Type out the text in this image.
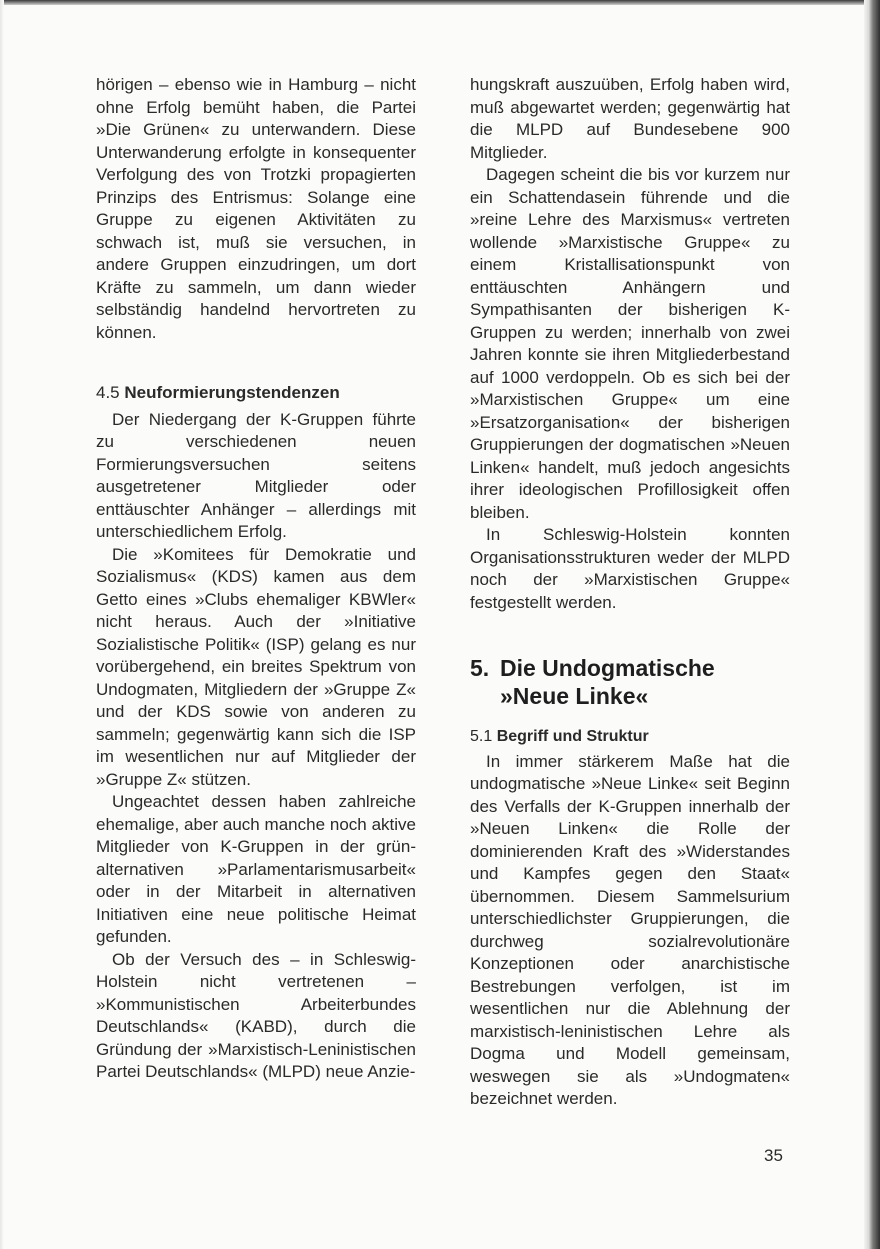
hörigen – ebenso wie in Hamburg – nicht ohne Erfolg bemüht haben, die Partei »Die Grünen« zu unterwandern. Diese Unterwanderung erfolgte in konsequenter Verfolgung des von Trotzki propagierten Prinzips des Entrismus: Solange eine Gruppe zu eigenen Aktivitäten zu schwach ist, muß sie versuchen, in andere Gruppen einzudringen, um dort Kräfte zu sammeln, um dann wieder selbständig handelnd hervortreten zu können.

4.5 Neuformierungstendenzen

Der Niedergang der K-Gruppen führte zu verschiedenen neuen Formierungsversuchen seitens ausgetretener Mitglieder oder enttäuschter Anhänger – allerdings mit unterschiedlichem Erfolg.

Die »Komitees für Demokratie und Sozialismus« (KDS) kamen aus dem Getto eines »Clubs ehemaliger KBWler« nicht heraus. Auch der »Initiative Sozialistische Politik« (ISP) gelang es nur vorübergehend, ein breites Spektrum von Undogmaten, Mitgliedern der »Gruppe Z« und der KDS sowie von anderen zu sammeln; gegenwärtig kann sich die ISP im wesentlichen nur auf Mitglieder der »Gruppe Z« stützen.

Ungeachtet dessen haben zahlreiche ehemalige, aber auch manche noch aktive Mitglieder von K-Gruppen in der grün-alternativen »Parlamentarismusarbeit« oder in der Mitarbeit in alternativen Initiativen eine neue politische Heimat gefunden.

Ob der Versuch des – in Schleswig-Holstein nicht vertretenen – »Kommunistischen Arbeiterbundes Deutschlands« (KABD), durch die Gründung der »Marxistisch-Leninistischen Partei Deutschlands« (MLPD) neue Anzie-

hungskraft auszuüben, Erfolg haben wird, muß abgewartet werden; gegenwärtig hat die MLPD auf Bundesebene 900 Mitglieder.

Dagegen scheint die bis vor kurzem nur ein Schattendasein führende und die »reine Lehre des Marxismus« vertreten wollende »Marxistische Gruppe« zu einem Kristallisationspunkt von enttäuschten Anhängern und Sympathisanten der bisherigen K-Gruppen zu werden; innerhalb von zwei Jahren konnte sie ihren Mitgliederbestand auf 1000 verdoppeln. Ob es sich bei der »Marxistischen Gruppe« um eine »Ersatzorganisation« der bisherigen Gruppierungen der dogmatischen »Neuen Linken« handelt, muß jedoch angesichts ihrer ideologischen Profillosigkeit offen bleiben.

In Schleswig-Holstein konnten Organisationsstrukturen weder der MLPD noch der »Marxistischen Gruppe« festgestellt werden.

5. Die Undogmatische
»Neue Linke«
5.1 Begriff und Struktur

In immer stärkerem Maße hat die undogmatische »Neue Linke« seit Beginn des Verfalls der K-Gruppen innerhalb der »Neuen Linken« die Rolle der dominierenden Kraft des »Widerstandes und Kampfes gegen den Staat« übernommen. Diesem Sammelsurium unterschiedlichster Gruppierungen, die durchweg sozialrevolutionäre Konzeptionen oder anarchistische Bestrebungen verfolgen, ist im wesentlichen nur die Ablehnung der marxistisch-leninistischen Lehre als Dogma und Modell gemeinsam, weswegen sie als »Undogmaten« bezeichnet werden.

35
